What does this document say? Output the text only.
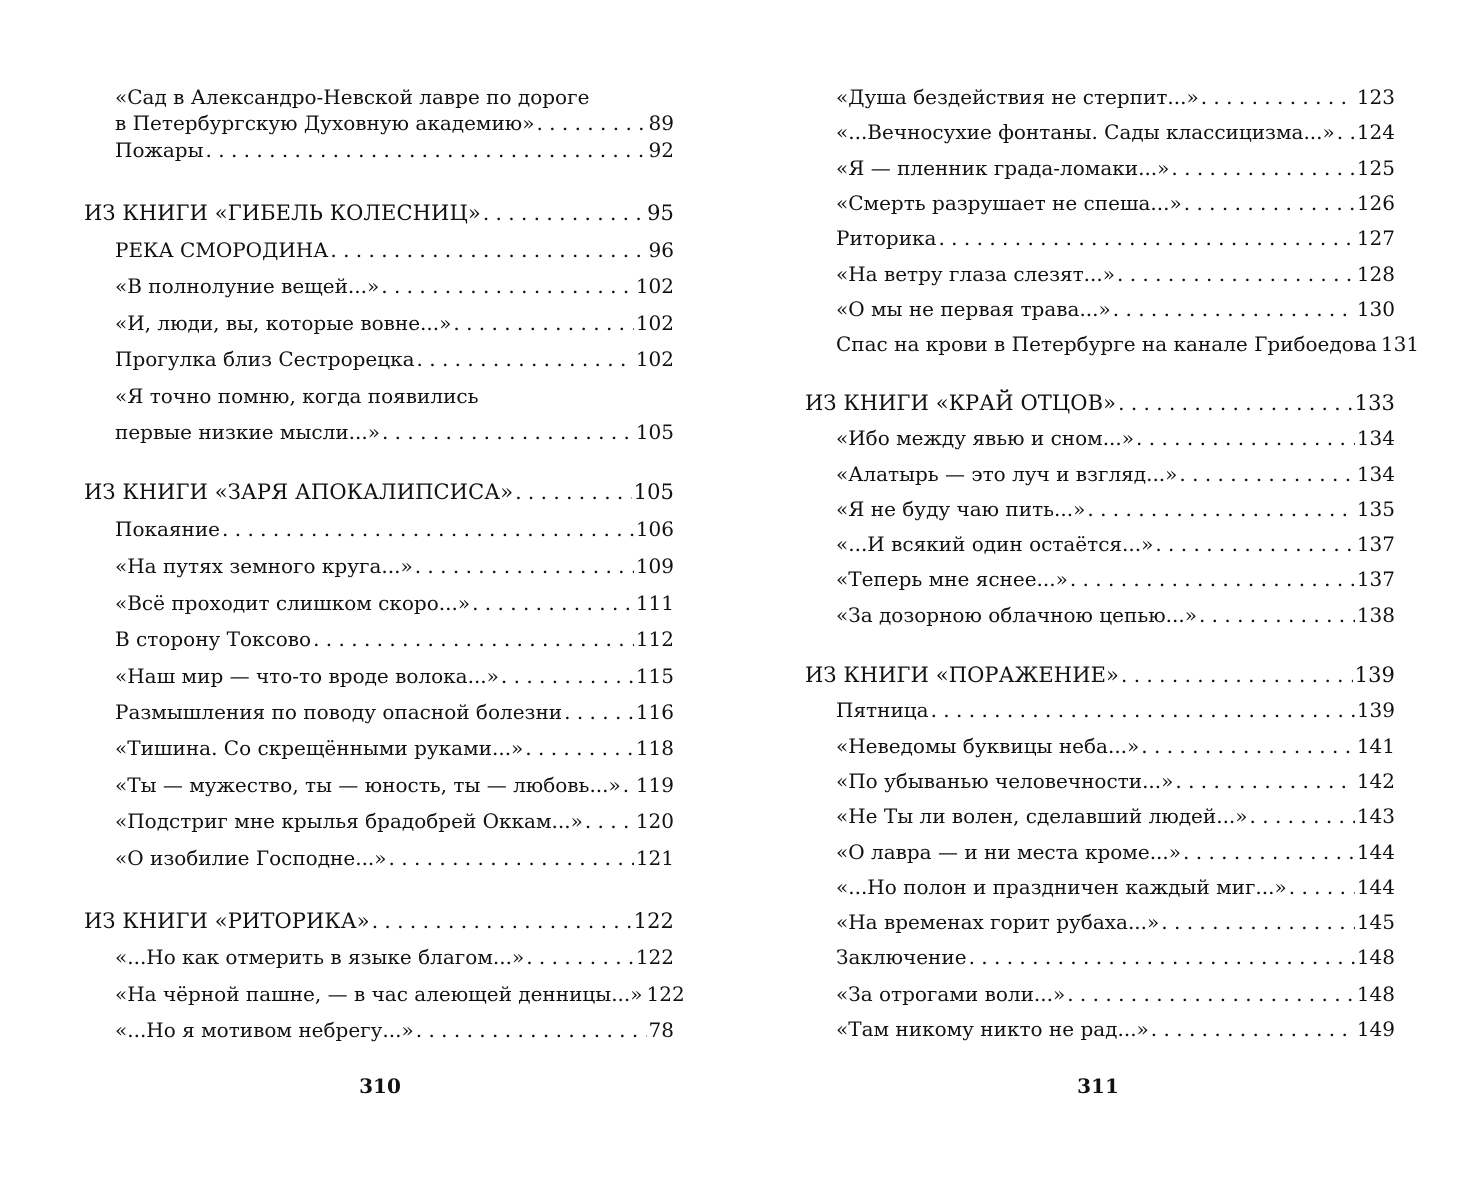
«Сад в Александро-Невской лавре по дороге
в Петербургскую Духовную академию» . . .	89
Пожары . . .	92
ИЗ КНИГИ «ГИБЕЛЬ КОЛЕСНИЦ» . . .	95
РЕКА СМОРОДИНА . . .	96
«В полнолуние вещей...» . . .	102
«И, люди, вы, которые вовне...» . . .	102
Прогулка близ Сестрорецка . . .	102
«Я точно помню, когда появились
первые низкие мысли...» . . .	105
ИЗ КНИГИ «ЗАРЯ АПОКАЛИПСИСА» . . .	105
Покаяние . . .	106
«На путях земного круга...» . . .	109
«Всё проходит слишком скоро...» . . .	111
В сторону Токсово . . .	112
«Наш мир — что-то вроде волока...» . . .	115
Размышления по поводу опасной болезни . . .	116
«Тишина. Со скрещёнными руками...» . . .	118
«Ты — мужество, ты — юность, ты — любовь...» . . . 119
«Подстриг мне крылья брадобрей Оккам...» . . .	120
«О изобилие Господне...» . . .	121
ИЗ КНИГИ «РИТОРИКА» . . .	122
«...Но как отмерить в языке благом...» . . .	122
«На чёрной пашне, — в час алеющей денницы...» 122
«...Но я мотивом небрегу...» . . .	78
310
«Душа бездействия не стерпит...» . . .	123
«...Вечносухие фонтаны. Сады классицизма...» . . . 124
«Я — пленник града-ломаки...» . . .	125
«Смерть разрушает не спеша...» . . .	126
Риторика . . .	127
«На ветру глаза слезят...» . . .	128
«О мы не первая трава...» . . .	130
Спас на крови в Петербурге на канале Грибоедова 131
ИЗ КНИГИ «КРАЙ ОТЦОВ» . . .	133
«Ибо между явью и сном...» . . .	134
«Алатырь — это луч и взгляд...» . . .	134
«Я не буду чаю пить...» . . .	135
«...И всякий один остаётся...» . . .	137
«Теперь мне яснее...» . . .	137
«За дозорною облачною цепью...» . . .	138
ИЗ КНИГИ «ПОРАЖЕНИЕ» . . .	139
Пятница . . .	139
«Неведомы буквицы неба...» . . .	141
«По убыванью человечности...» . . .	142
«Не Ты ли волен, сделавший людей...» . . .	143
«О лавра — и ни места кроме...» . . .	144
«...Но полон и праздничен каждый миг...» . . .	144
«На временах горит рубаха...» . . .	145
Заключение . . .	148
«За отрогами воли...» . . .	148
«Там никому никто не рад...» . . .	149
311
